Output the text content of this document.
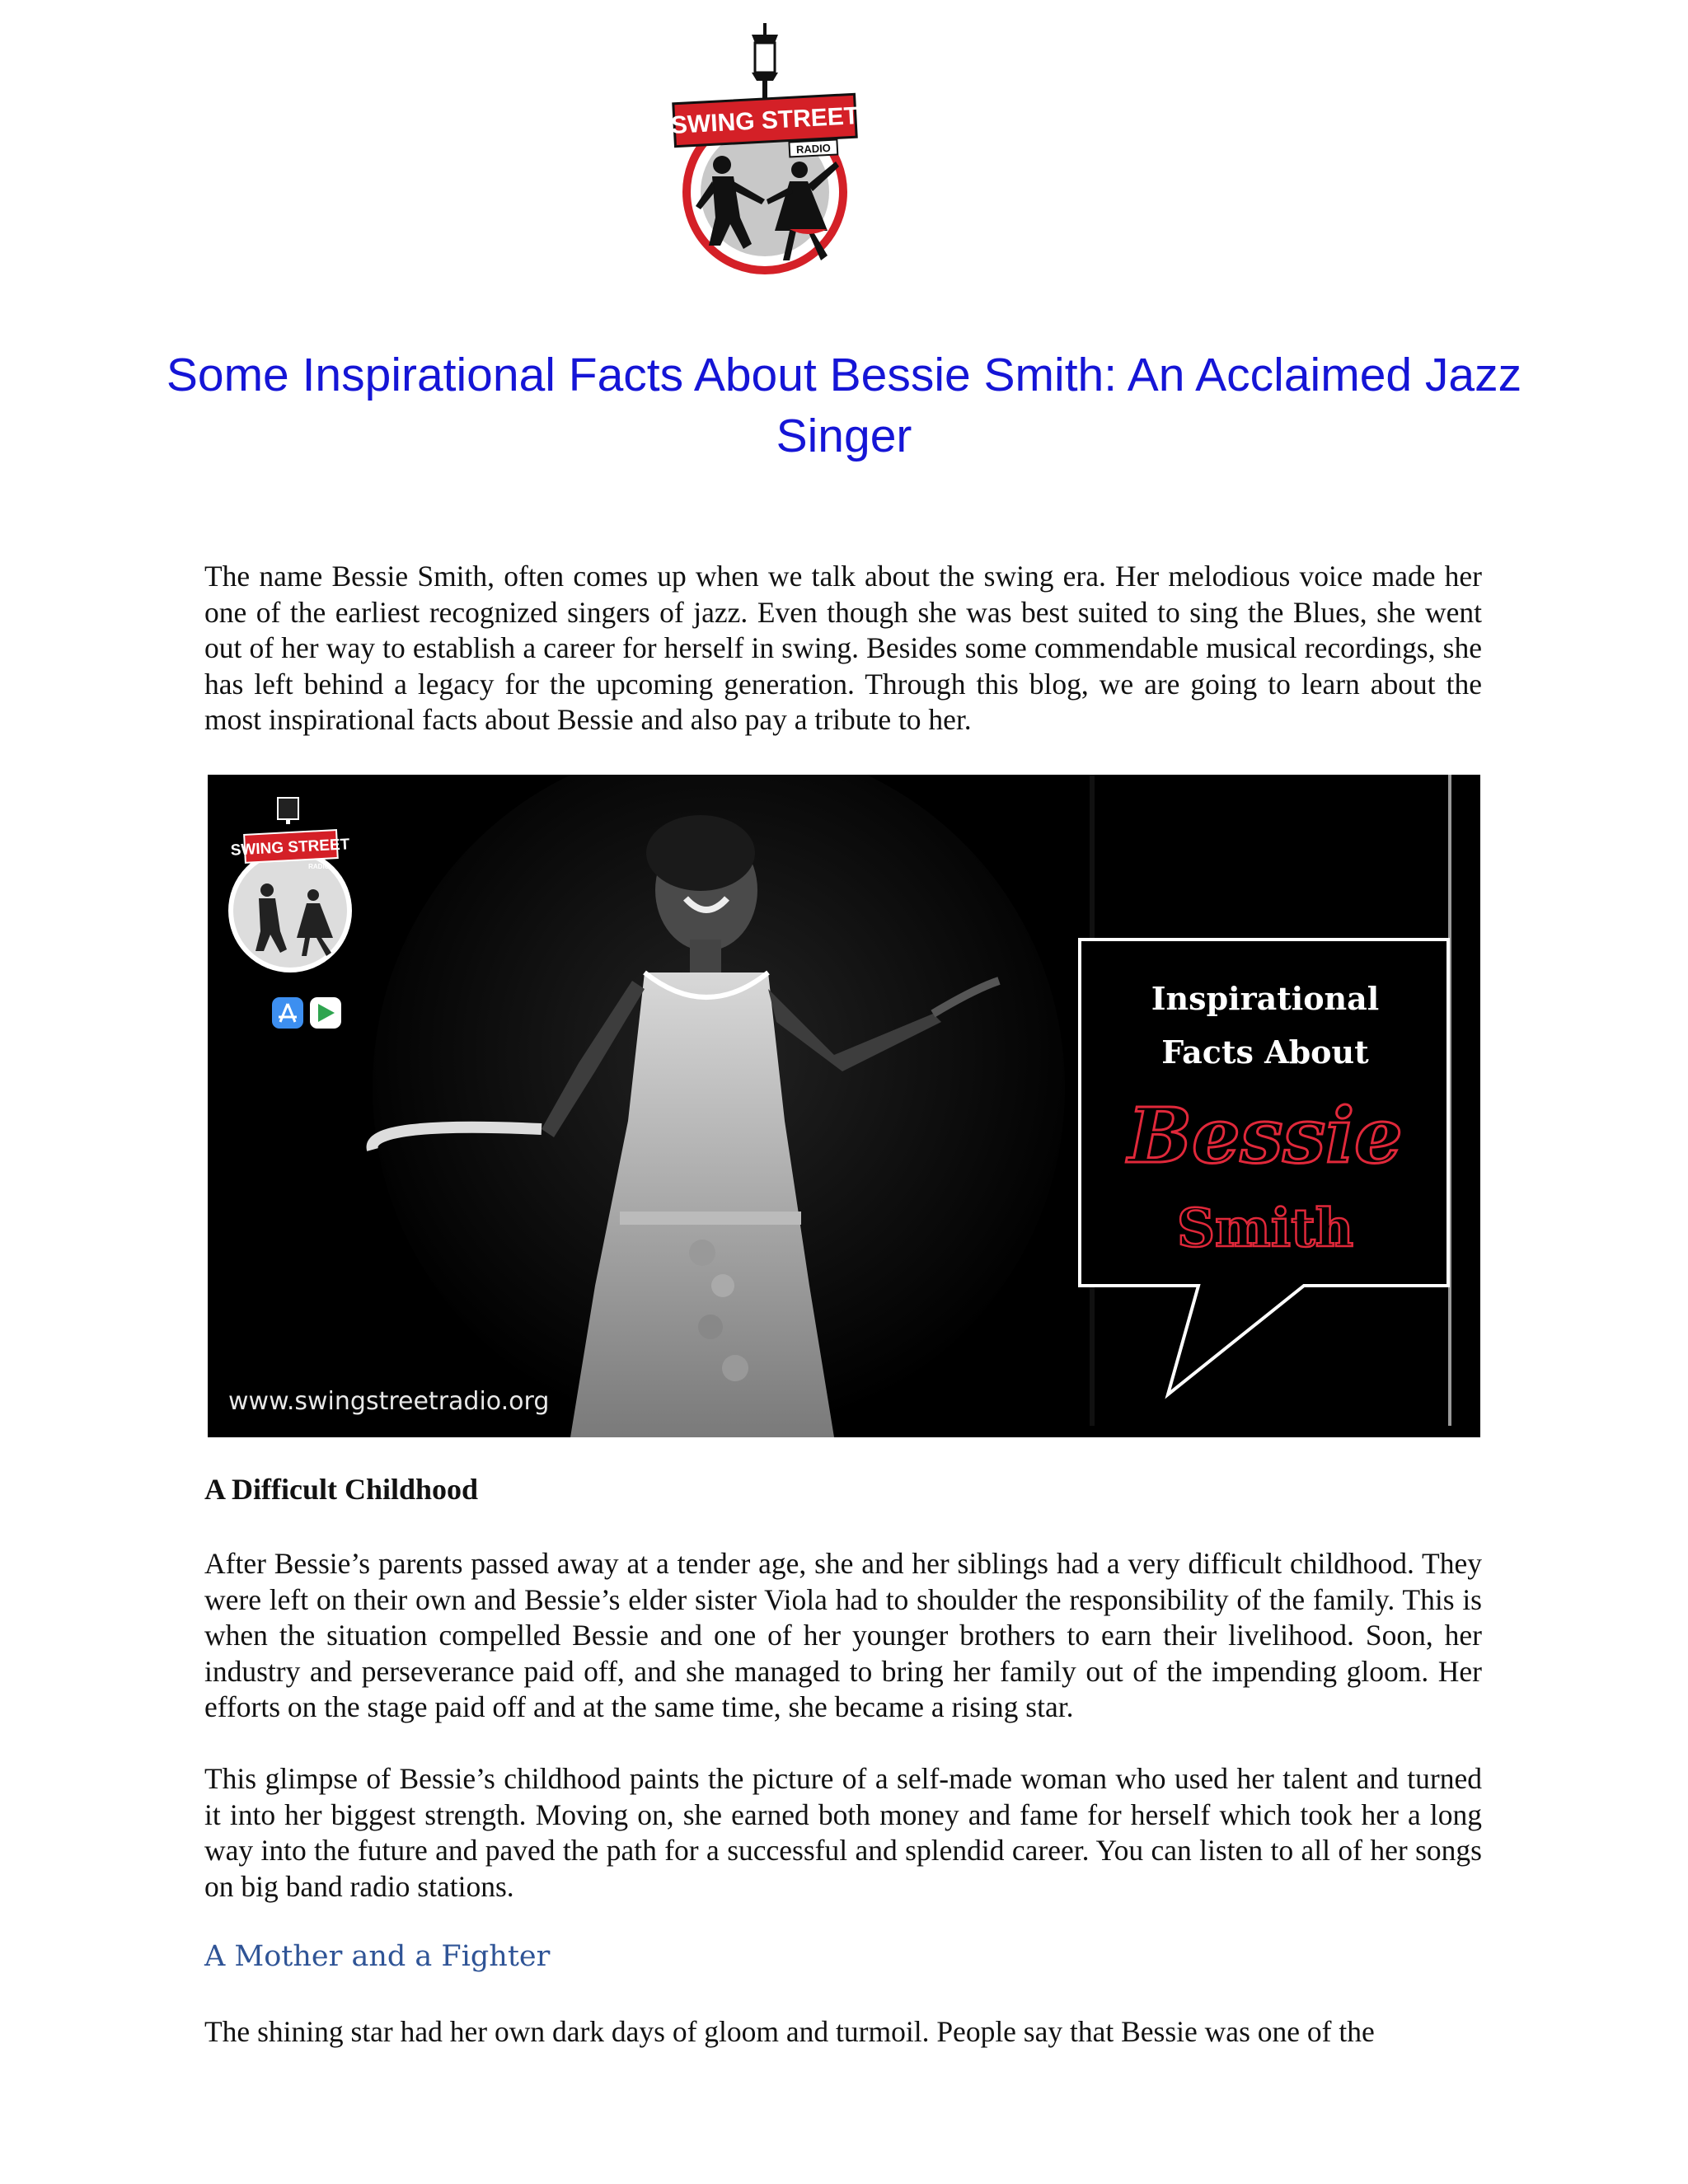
SWING STREET
RADIO
Some Inspirational Facts About Bessie Smith: An Acclaimed Jazz Singer

The name Bessie Smith, often comes up when we talk about the swing era. Her melodious voice made her one of the earliest recognized singers of jazz. Even though she was best suited to sing the Blues, she went out of her way to establish a career for herself in swing. Besides some commendable musical recordings, she has left behind a legacy for the upcoming generation. Through this blog, we are going to learn about the most inspirational facts about Bessie and also pay a tribute to her.

SWING STREET
RADIO
Inspirational
Facts About
Bessie
Smith
www.swingstreetradio.org
A Difficult Childhood

After Bessie’s parents passed away at a tender age, she and her siblings had a very difficult childhood. They were left on their own and Bessie’s elder sister Viola had to shoulder the responsibility of the family. This is when the situation compelled Bessie and one of her younger brothers to earn their livelihood. Soon, her industry and perseverance paid off, and she managed to bring her family out of the impending gloom. Her efforts on the stage paid off and at the same time, she became a rising star.

This glimpse of Bessie’s childhood paints the picture of a self-made woman who used her talent and turned it into her biggest strength. Moving on, she earned both money and fame for herself which took her a long way into the future and paved the path for a successful and splendid career. You can listen to all of her songs on big band radio stations.

A Mother and a Fighter

The shining star had her own dark days of gloom and turmoil. People say that Bessie was one of the
